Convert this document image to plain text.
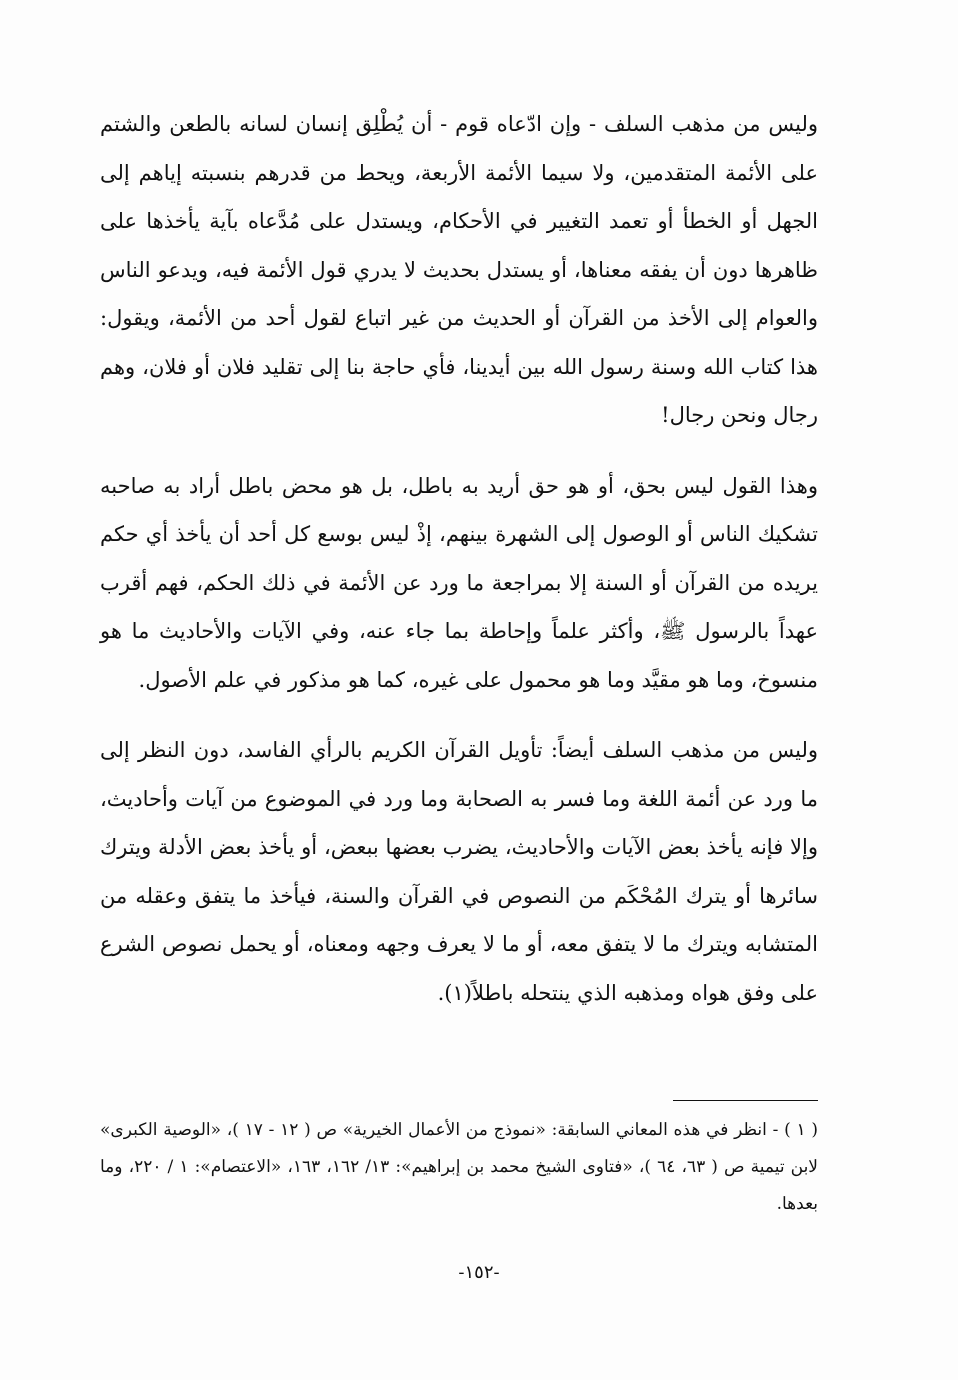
وليس من مذهب السلف - وإن ادّعاه قوم - أن يُطْلِق إنسان لسانه بالطعن والشتم على الأئمة المتقدمين، ولا سيما الأئمة الأربعة، ويحط من قدرهم بنسبته إياهم إلى الجهل أو الخطأ أو تعمد التغيير في الأحكام، ويستدل على مُدَّعاه بآية يأخذها على ظاهرها دون أن يفقه معناها، أو يستدل بحديث لا يدري قول الأئمة فيه، ويدعو الناس والعوام إلى الأخذ من القرآن أو الحديث من غير اتباع لقول أحد من الأئمة، ويقول: هذا كتاب الله وسنة رسول الله بين أيدينا، فأي حاجة بنا إلى تقليد فلان أو فلان، وهم رجال ونحن رجال!

وهذا القول ليس بحق، أو هو حق أريد به باطل، بل هو محض باطل أراد به صاحبه تشكيك الناس أو الوصول إلى الشهرة بينهم، إذْ ليس بوسع كل أحد أن يأخذ أي حكم يريده من القرآن أو السنة إلا بمراجعة ما ورد عن الأئمة في ذلك الحكم، فهم أقرب عهداً بالرسول ﷺ، وأكثر علماً وإحاطة بما جاء عنه، وفي الآيات والأحاديث ما هو منسوخ، وما هو مقيَّد وما هو محمول على غيره، كما هو مذكور في علم الأصول.

وليس من مذهب السلف أيضاً: تأويل القرآن الكريم بالرأي الفاسد، دون النظر إلى ما ورد عن أئمة اللغة وما فسر به الصحابة وما ورد في الموضوع من آيات وأحاديث، وإلا فإنه يأخذ بعض الآيات والأحاديث، يضرب بعضها ببعض، أو يأخذ بعض الأدلة ويترك سائرها أو يترك المُحْكَم من النصوص في القرآن والسنة، فيأخذ ما يتفق وعقله من المتشابه ويترك ما لا يتفق معه، أو ما لا يعرف وجهه ومعناه، أو يحمل نصوص الشرع على وفق هواه ومذهبه الذي ينتحله باطلاً(١).

( ١ ) - انظر في هذه المعاني السابقة: «نموذج من الأعمال الخيرية» ص ( ١٢ - ١٧ )، «الوصية الكبرى» لابن تيمية ص ( ٦٣، ٦٤ )، «فتاوى الشيخ محمد بن إبراهيم»: ١٣/ ١٦٢، ١٦٣، «الاعتصام»: ١ / ٢٢٠، وما بعدها.

-١٥٢-
